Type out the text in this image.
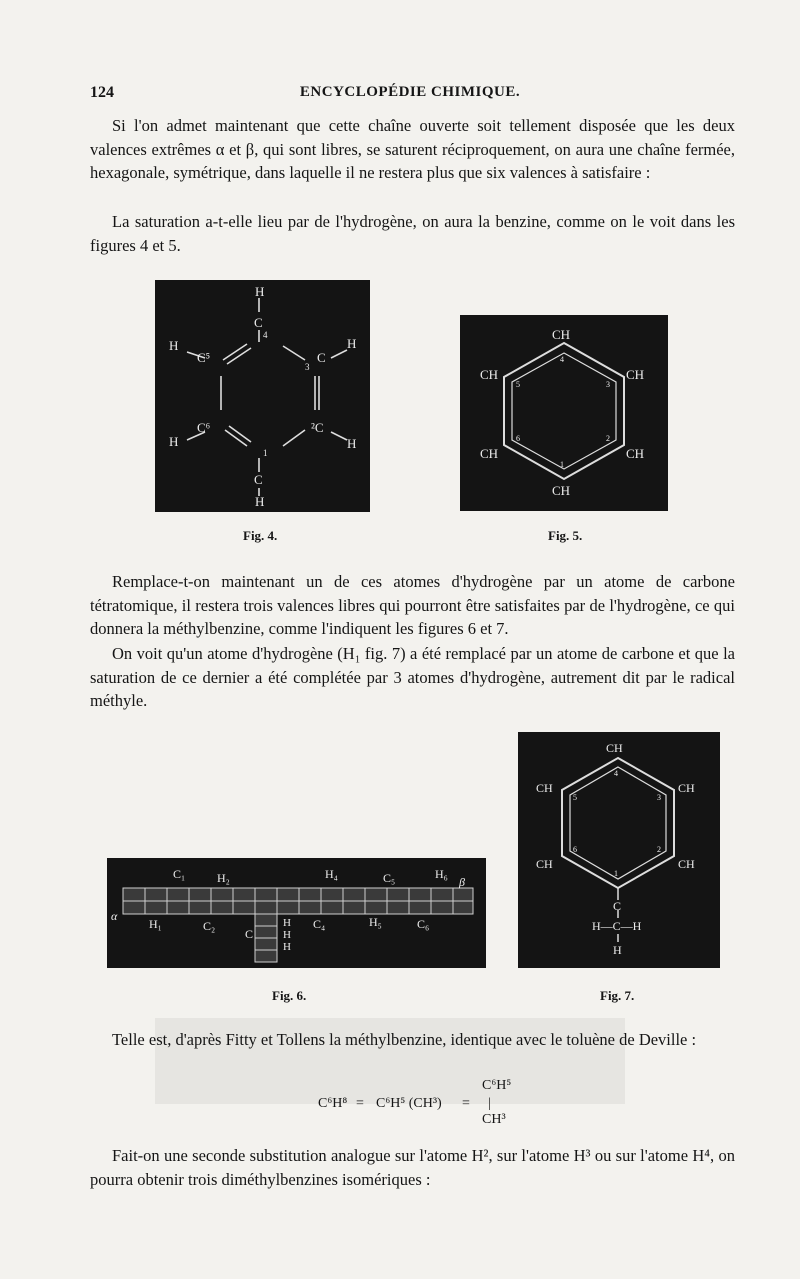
124	ENCYCLOPÉDIE CHIMIQUE.

Si l'on admet maintenant que cette chaîne ouverte soit tellement disposée que les deux valences extrêmes α et β, qui sont libres, se saturent réciproquement, on aura une chaîne fermée, hexagonale, symétrique, dans laquelle il ne restera plus que six valences à satisfaire :

La saturation a-t-elle lieu par de l'hydrogène, on aura la benzine, comme on le voit dans les figures 4 et 5.

H
C
4
H
C⁵
3
C
H
C⁶
H
²C
H
1
C
H
Fig. 4.
CH
CH	CH
CH	CH
CH
4
5	3
6	2
1
Fig. 5.

Remplace-t-on maintenant un de ces atomes d'hydrogène par un atome de carbone tétratomique, il restera trois valences libres qui pourront être satisfaites par de l'hydrogène, ce qui donnera la méthylbenzine, comme l'indiquent les figures 6 et 7.

On voit qu'un atome d'hydrogène (H₁ fig. 7) a été remplacé par un atome de carbone et que la saturation de ce dernier a été complétée par 3 atomes d'hydrogène, autrement dit par le radical méthyle.

CH
CH	CH
CH	CH
C
H—C—H
H
4
5	3
6	2
1
C₁	H₂	H₄	C₅	H₆
α
β
H₁	C₂
C
C₄	H₅	C₆
H
H
H
Fig. 6.	Fig. 7.

Telle est, d'après Fitty et Tollens la méthylbenzine, identique avec le toluène de Deville :

C⁶H⁸ = C⁶H⁵ (CH³) =
C⁶H⁵
|
CH³

Fait-on une seconde substitution analogue sur l'atome H², sur l'atome H³ ou sur l'atome H⁴, on pourra obtenir trois diméthylbenzines isomériques :
